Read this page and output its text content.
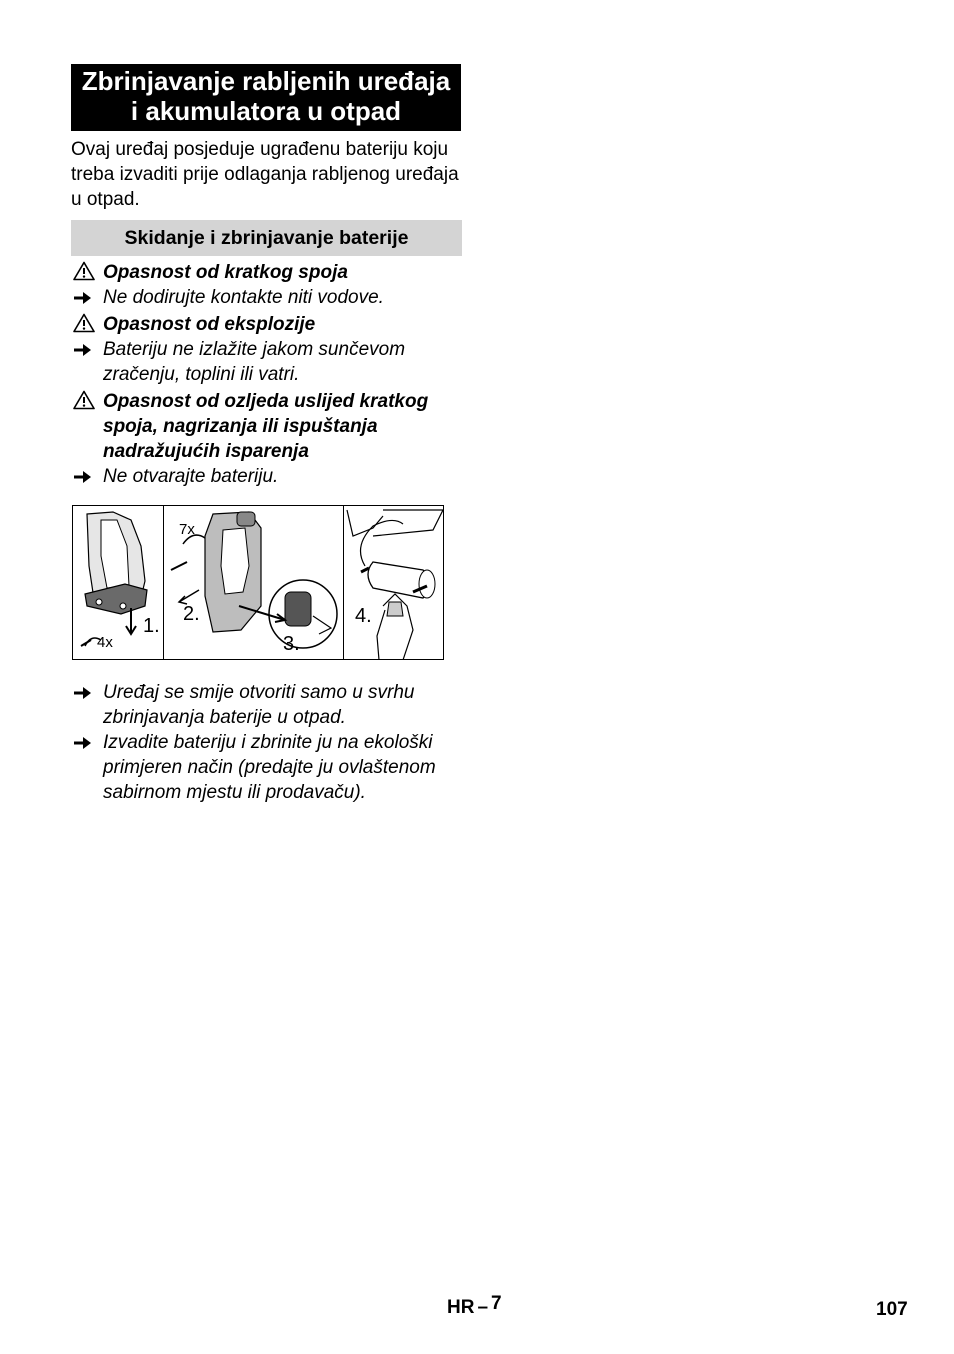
Zbrinjavanje rabljenih uređaja
i akumulatora u otpad
Ovaj uređaj posjeduje ugrađenu bateriju koju treba izvaditi prije odlaganja rabljenog uređaja u otpad.
Skidanje i zbrinjavanje baterije
Opasnost od kratkog spoja
Ne dodirujte kontakte niti vodove.
Opasnost od eksplozije
Bateriju ne izlažite jakom sunčevom zračenju, toplini ili vatri.
Opasnost od ozljeda uslijed kratkog spoja, nagrizanja ili ispuštanja nadražujućih isparenja
Ne otvarajte bateriju.
1.
2.
3.
4.
4x
7x
Uređaj se smije otvoriti samo u svrhu zbrinjavanja baterije u otpad.
Izvadite bateriju i zbrinite ju na ekološki primjeren način (predajte ju ovlaštenom sabirnom mjestu ili prodavaču).
HR – 7	107
